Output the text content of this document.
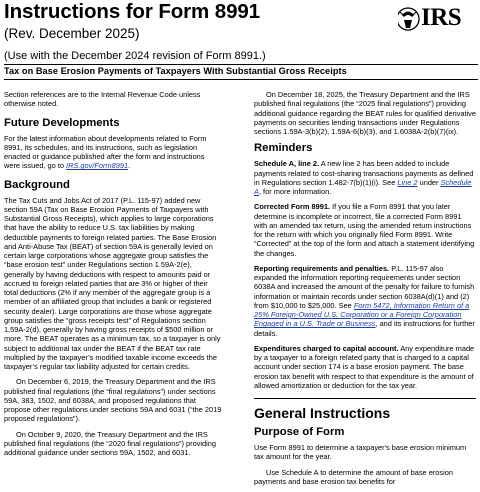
Instructions for Form 8991
(Rev. December 2025)
(Use with the December 2024 revision of Form 8991.)
Tax on Base Erosion Payments of Taxpayers With Substantial Gross Receipts
IRS

Section references are to the Internal Revenue Code unless otherwise noted.

Future Developments

For the latest information about developments related to Form 8991, its schedules, and its instructions, such as legislation enacted or guidance published after the form and instructions were issued, go to IRS.gov/Form8991.

Background

The Tax Cuts and Jobs Act of 2017 (P.L. 115-97) added new section 59A (Tax on Base Erosion Payments of Taxpayers with Substantial Gross Receipts), which applies to large corporations that have the ability to reduce U.S. tax liabilities by making deductible payments to foreign related parties. The Base Erosion and Anti-Abuse Tax (BEAT) of section 59A is generally levied on certain large corporations whose aggregate group satisfies the “base erosion test” under Regulations section 1.59A-2(e), generally by having deductions with respect to amounts paid or accrued to foreign related parties that are 3% or higher of their total deductions (2% if any member of the aggregate group is a member of an affiliated group that includes a bank or registered security dealer). Large corporations are those whose aggregate group satisfies the “gross receipts test” of Regulations section 1.59A-2(d), generally by having gross receipts of $500 million or more. The BEAT operates as a minimum tax, so a taxpayer is only subject to additional tax under the BEAT if the BEAT tax rate multiplied by the taxpayer’s modified taxable income exceeds the taxpayer’s regular tax liability adjusted for certain credits.

On December 6, 2019, the Treasury Department and the IRS published final regulations (the “final regulations”) under sections 59A, 383, 1502, and 6038A, and proposed regulations that propose other regulations under sections 59A and 6031 (“the 2019 proposed regulations”).

On October 9, 2020, the Treasury Department and the IRS published final regulations (the “2020 final regulations”) providing additional guidance under sections 59A, 1502, and 6031.

On December 18, 2025, the Treasury Department and the IRS published final regulations (the “2025 final regulations”) providing additional guidance regarding the BEAT rules for qualified derivative payments on securities lending transactions under Regulations sections 1.59A-3(b)(2), 1.59A-6(b)(3), and 1.6038A-2(b)(7)(ix).

Reminders

Schedule A, line 2. A new line 2 has been added to include payments related to cost-sharing transactions payments as defined in Regulations section 1.482-7(b)(1)(i). See Line 2 under Schedule A, for more information.

Corrected Form 8991. If you file a Form 8991 that you later determine is incomplete or incorrect, file a corrected Form 8991 with an amended tax return, using the amended return instructions for the return with which you originally filed Form 8991. Write “Corrected” at the top of the form and attach a statement identifying the changes.

Reporting requirements and penalties. P.L. 115-97 also expanded the information reporting requirements under section 6038A and increased the amount of the penalty for failure to furnish information or maintain records under section 6038A(d)(1) and (2) from $10,000 to $25,000. See Form 5472, Information Return of a 25% Foreign-Owned U.S. Corporation or a Foreign Corporation Engaged in a U.S. Trade or Business, and its instructions for further details.

Expenditures charged to capital account. Any expenditure made by a taxpayer to a foreign related party that is charged to a capital account under section 174 is a base erosion payment. The base erosion tax benefit with respect to that expenditure is the amount of allowed amortization or deduction for the tax year.

General Instructions
Purpose of Form

Use Form 8991 to determine a taxpayer's base erosion minimum tax amount for the year.

Use Schedule A to determine the amount of base erosion payments and base erosion tax benefits for
